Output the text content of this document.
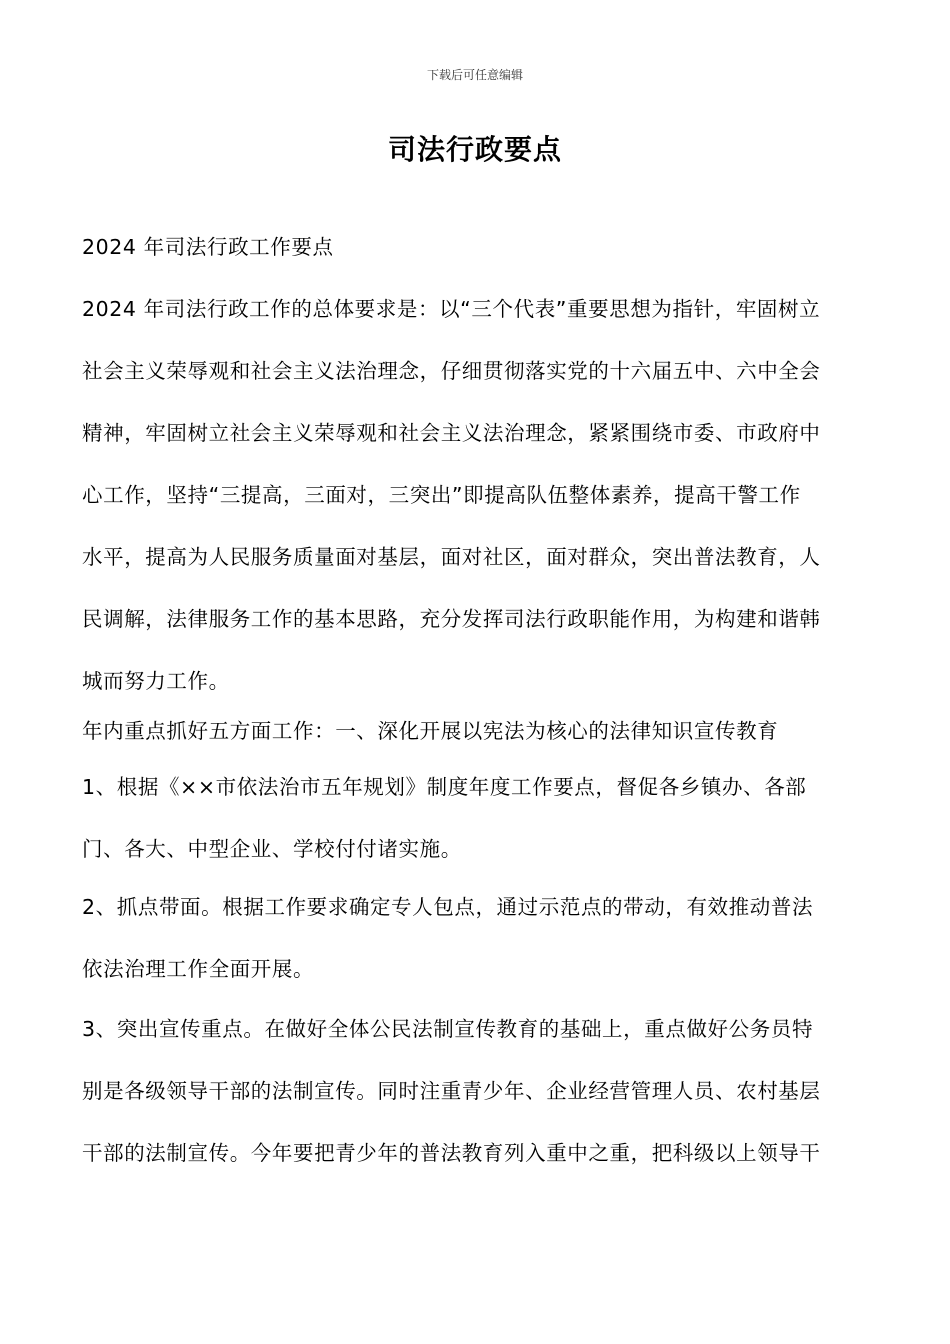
下载后可任意编辑
司法行政要点
2024 年司法行政工作要点
2024 年司法行政工作的总体要求是：以“三个代表”重要思想为指针，牢固树立
社会主义荣辱观和社会主义法治理念，仔细贯彻落实党的十六届五中、六中全会
精神，牢固树立社会主义荣辱观和社会主义法治理念，紧紧围绕市委、市政府中
心工作，坚持“三提高，三面对，三突出”即提高队伍整体素养，提高干警工作
水平，提高为人民服务质量面对基层，面对社区，面对群众，突出普法教育，人
民调解，法律服务工作的基本思路，充分发挥司法行政职能作用，为构建和谐韩
城而努力工作。
年内重点抓好五方面工作：一、深化开展以宪法为核心的法律知识宣传教育
1、根据《××市依法治市五年规划》制度年度工作要点，督促各乡镇办、各部
门、各大、中型企业、学校付付诸实施。
2、抓点带面。根据工作要求确定专人包点，通过示范点的带动，有效推动普法
依法治理工作全面开展。
3、突出宣传重点。在做好全体公民法制宣传教育的基础上，重点做好公务员特
别是各级领导干部的法制宣传。同时注重青少年、企业经营管理人员、农村基层
干部的法制宣传。今年要把青少年的普法教育列入重中之重，把科级以上领导干
